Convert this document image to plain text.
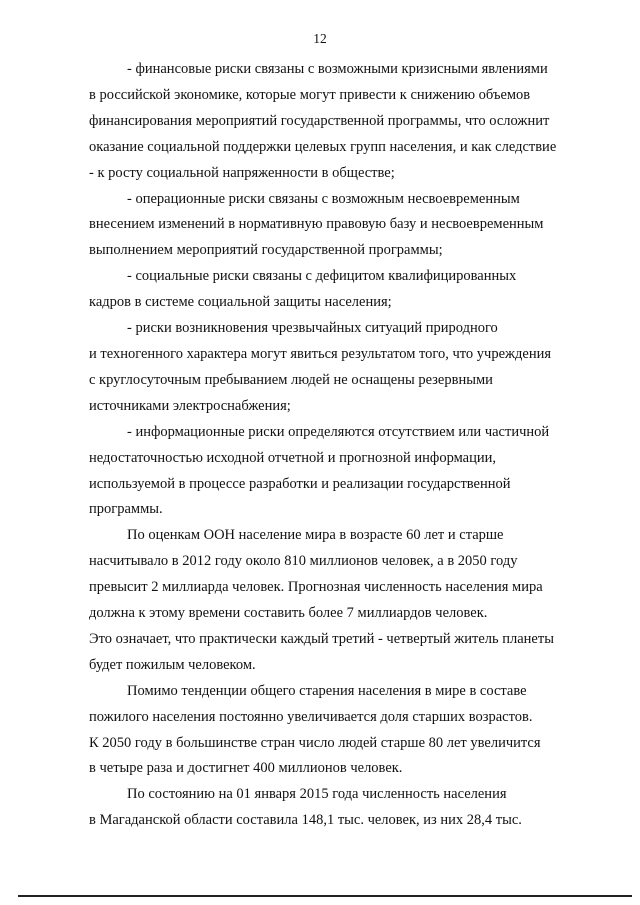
12
- финансовые риски связаны с возможными кризисными явлениями
в российской экономике, которые могут привести к снижению объемов
финансирования мероприятий государственной программы, что осложнит
оказание социальной поддержки целевых групп населения, и как следствие
- к росту социальной напряженности в обществе;
- операционные риски связаны с возможным несвоевременным
внесением изменений в нормативную правовую базу и несвоевременным
выполнением мероприятий государственной программы;
- социальные риски связаны с дефицитом квалифицированных
кадров в системе социальной защиты населения;
- риски возникновения чрезвычайных ситуаций природного
и техногенного характера могут явиться результатом того, что учреждения
с круглосуточным пребыванием людей не оснащены резервными
источниками электроснабжения;
- информационные риски определяются отсутствием или частичной
недостаточностью исходной отчетной и прогнозной информации,
используемой в процессе разработки и реализации государственной
программы.
По оценкам ООН население мира в возрасте 60 лет и старше
насчитывало в 2012 году около 810 миллионов человек, а в 2050 году
превысит 2 миллиарда человек. Прогнозная численность населения мира
должна к этому времени составить более 7 миллиардов человек.
Это означает, что практически каждый третий - четвертый житель планеты
будет пожилым человеком.
Помимо тенденции общего старения населения в мире в составе
пожилого населения постоянно увеличивается доля старших возрастов.
К 2050 году в большинстве стран число людей старше 80 лет увеличится
в четыре раза и достигнет 400 миллионов человек.
По состоянию на 01 января 2015 года численность населения
в Магаданской области составила 148,1 тыс. человек, из них 28,4 тыс.
